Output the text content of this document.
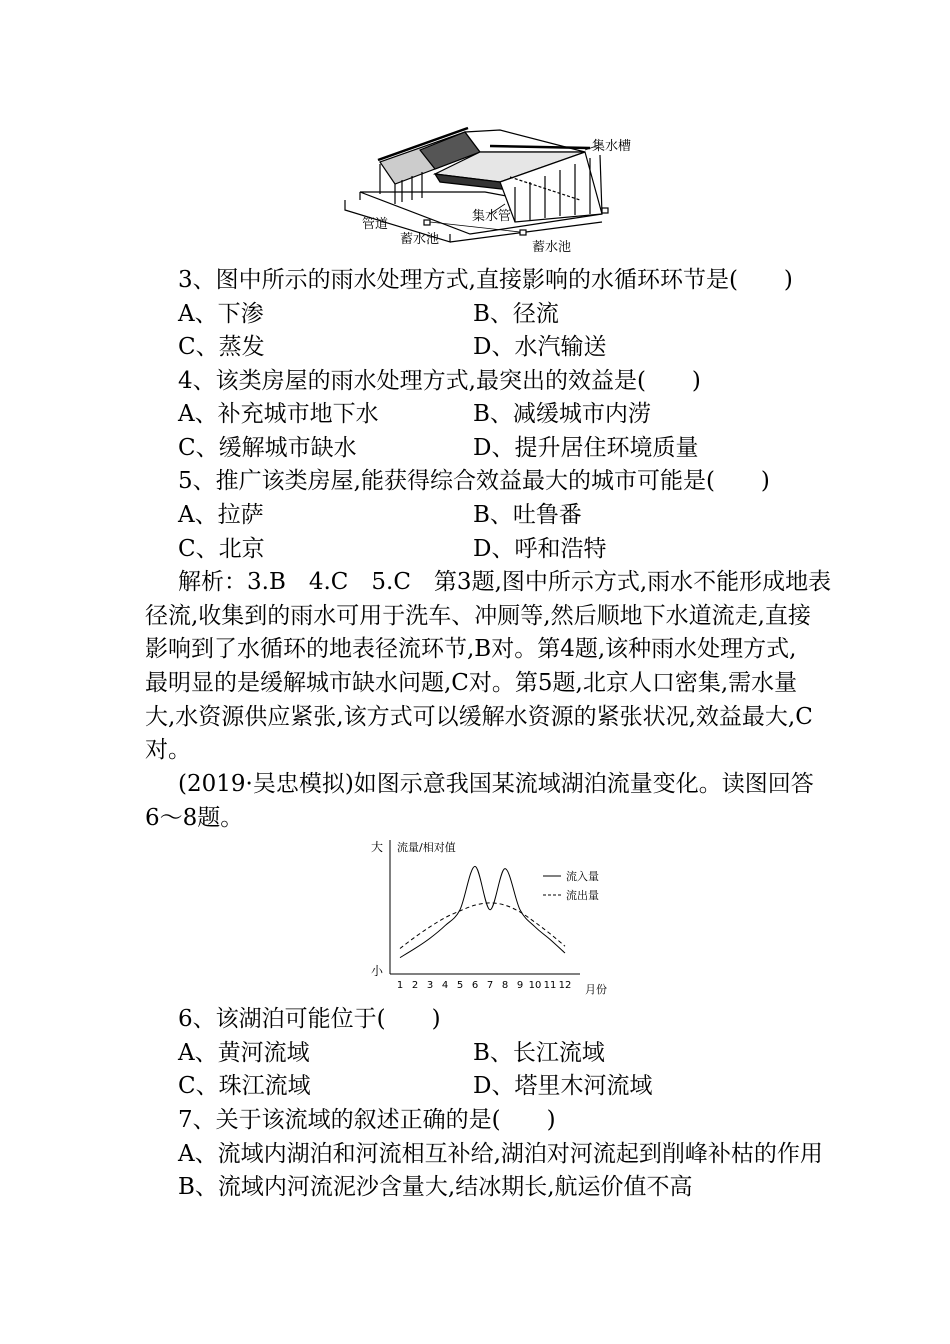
集水槽
管道
集水管
蓄水池
蓄水池
3、图中所示的雨水处理方式,直接影响的水循环环节是(　　)
A、下渗	B、径流
C、蒸发	D、水汽输送
4、该类房屋的雨水处理方式,最突出的效益是(　　)
A、补充城市地下水	B、减缓城市内涝
C、缓解城市缺水	D、提升居住环境质量
5、推广该类房屋,能获得综合效益最大的城市可能是(　　)
A、拉萨	B、吐鲁番
C、北京	D、呼和浩特
解析：3.B　4.C　5.C　第3题,图中所示方式,雨水不能形成地表
径流,收集到的雨水可用于洗车、冲厕等,然后顺地下水道流走,直接
影响到了水循环的地表径流环节,B对。第4题,该种雨水处理方式,
最明显的是缓解城市缺水问题,C对。第5题,北京人口密集,需水量
大,水资源供应紧张,该方式可以缓解水资源的紧张状况,效益最大,C
对。
(2019·吴忠模拟)如图示意我国某流域湖泊流量变化。读图回答
6～8题。
大 流量/相对值
小
月份
1 2 3 4 5 6 7 8 9 10 11 12
流入量
流出量
6、该湖泊可能位于(　　)
A、黄河流域	B、长江流域
C、珠江流域	D、塔里木河流域
7、关于该流域的叙述正确的是(　　)
A、流域内湖泊和河流相互补给,湖泊对河流起到削峰补枯的作用
B、流域内河流泥沙含量大,结冰期长,航运价值不高
